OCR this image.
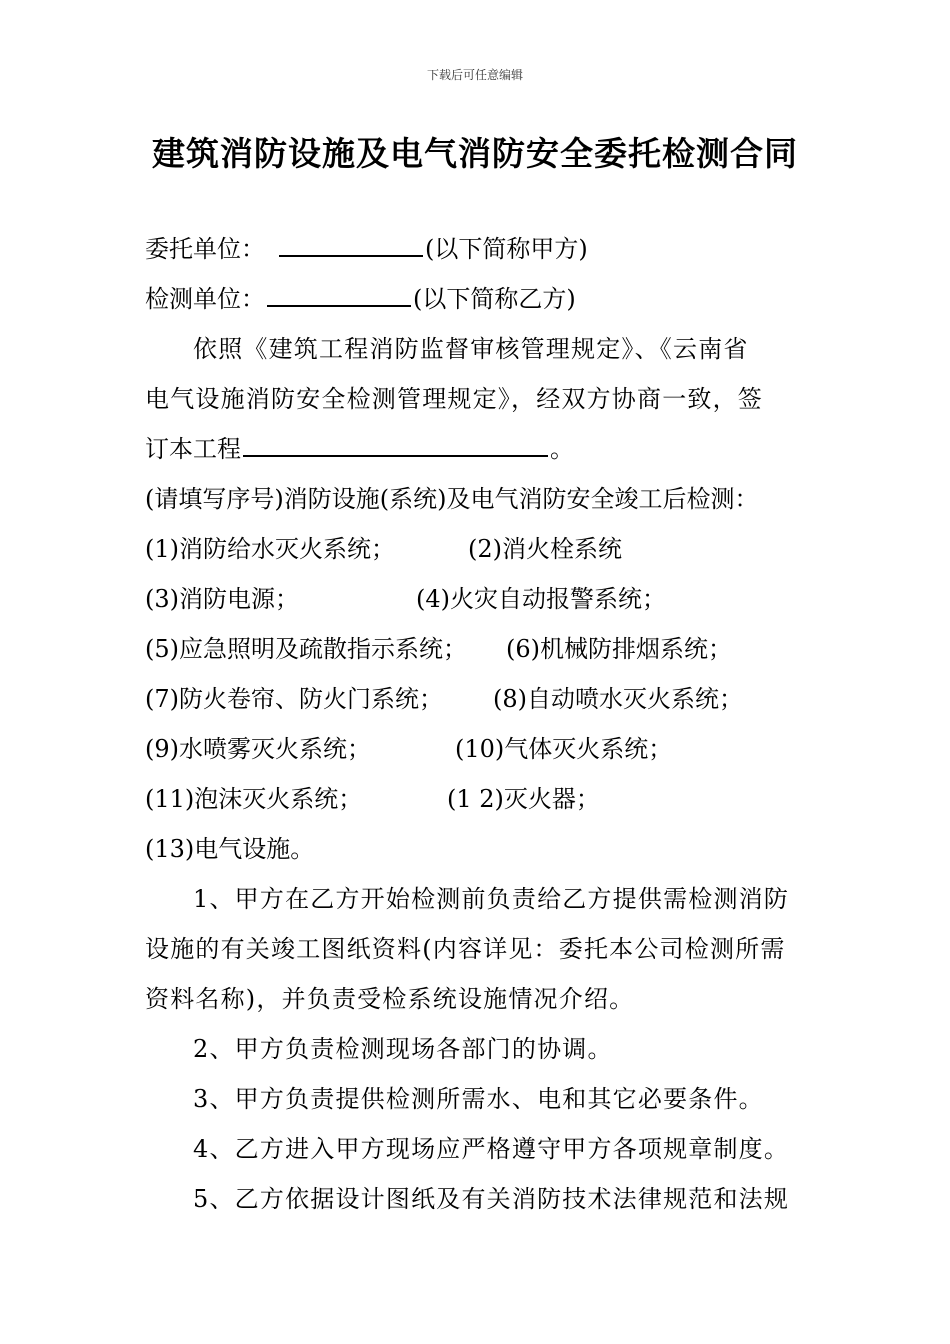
下载后可任意编辑
建筑消防设施及电气消防安全委托检测合同
委托单位：	(以下简称甲方)
检测单位：	(以下简称乙方)
依照《建筑工程消防监督审核管理规定》、《云南省
电气设施消防安全检测管理规定》，经双方协商一致，签
订本工程	。
(请填写序号)消防设施(系统)及电气消防安全竣工后检测：
(1)消防给水灭火系统；	(2)消火栓系统
(3)消防电源；	(4)火灾自动报警系统；
(5)应急照明及疏散指示系统；	(6)机械防排烟系统；
(7)防火卷帘、防火门系统；	(8)自动喷水灭火系统；
(9)水喷雾灭火系统；	(10)气体灭火系统；
(11)泡沫灭火系统；	(1 2)灭火器；
(13)电气设施。
1、甲方在乙方开始检测前负责给乙方提供需检测消防
设施的有关竣工图纸资料(内容详见：委托本公司检测所需
资料名称)，并负责受检系统设施情况介绍。
2、甲方负责检测现场各部门的协调。
3、甲方负责提供检测所需水、电和其它必要条件。
4、乙方进入甲方现场应严格遵守甲方各项规章制度。
5、乙方依据设计图纸及有关消防技术法律规范和法规
